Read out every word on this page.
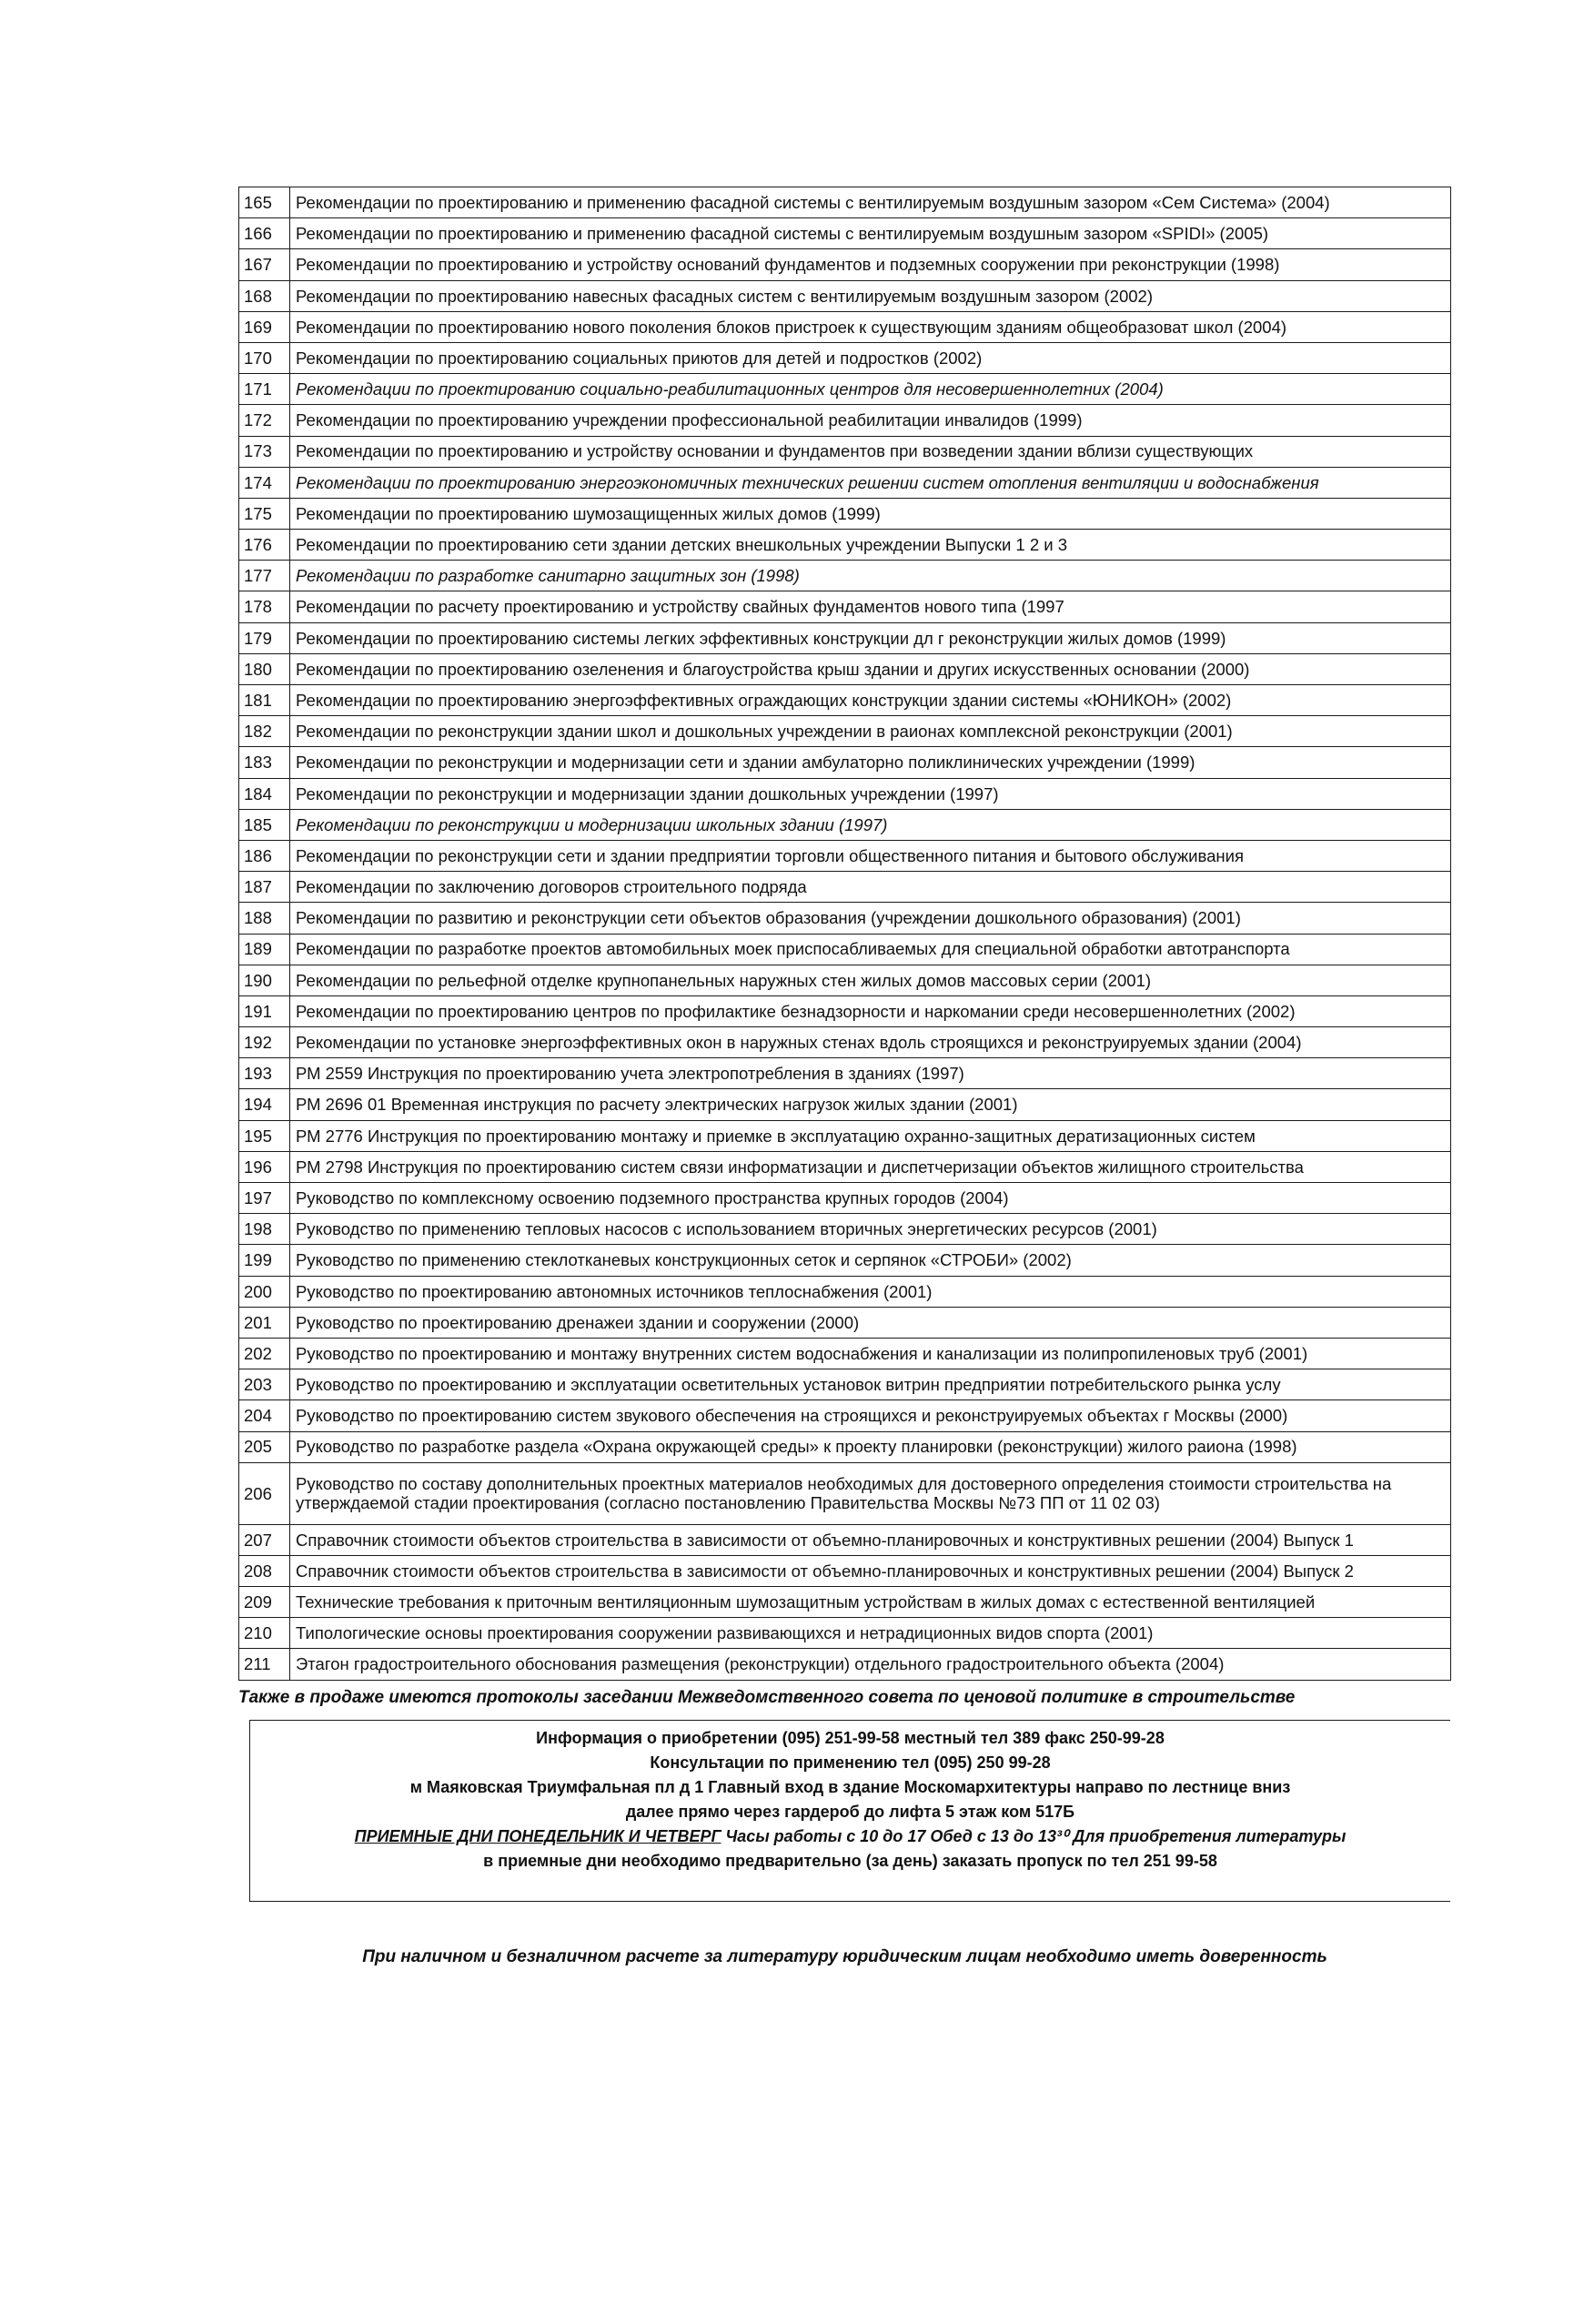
165	Рекомендации по проектированию и применению фасадной системы с вентилируемым воздушным зазором «Сем Система» (2004)
166	Рекомендации по проектированию и применению фасадной системы с вентилируемым воздушным зазором «SPIDI» (2005)
167	Рекомендации по проектированию и устройству оснований фундаментов и подземных сооружении при реконструкции (1998)
168	Рекомендации по проектированию навесных фасадных систем с вентилируемым воздушным зазором (2002)
169	Рекомендации по проектированию нового поколения блоков пристроек к существующим зданиям общеобразоват школ (2004)
170	Рекомендации по проектированию социальных приютов для детей и подростков (2002)
171	Рекомендации по проектированию социально-реабилитационных центров для несовершеннолетних (2004)
172	Рекомендации по проектированию учреждении профессиональной реабилитации инвалидов (1999)
173	Рекомендации по проектированию и устройству основании и фундаментов при возведении здании вблизи существующих
174	Рекомендации по проектированию энергоэкономичных технических решении систем отопления вентиляции и водоснабжения
175	Рекомендации по проектированию шумозащищенных жилых домов (1999)
176	Рекомендации по проектированию сети здании детских внешкольных учреждении Выпуски 1 2 и 3
177	Рекомендации по разработке санитарно защитных зон (1998)
178	Рекомендации по расчету проектированию и устройству свайных фундаментов нового типа (1997
179	Рекомендации по проектированию системы легких эффективных конструкции дл г реконструкции жилых домов (1999)
180	Рекомендации по проектированию озеленения и благоустройства крыш здании и других искусственных основании (2000)
181	Рекомендации по проектированию энергоэффективных ограждающих конструкции здании системы «ЮНИКОН» (2002)
182	Рекомендации по реконструкции здании школ и дошкольных учреждении в раионах комплексной реконструкции (2001)
183	Рекомендации по реконструкции и модернизации сети и здании амбулаторно поликлинических учреждении (1999)
184	Рекомендации по реконструкции и модернизации здании дошкольных учреждении (1997)
185	Рекомендации по реконструкции и модернизации школьных здании (1997)
186	Рекомендации по реконструкции сети и здании предприятии торговли общественного питания и бытового обслуживания
187	Рекомендации по заключению договоров строительного подряда
188	Рекомендации по развитию и реконструкции сети объектов образования (учреждении дошкольного образования) (2001)
189	Рекомендации по разработке проектов автомобильных моек приспосабливаемых для специальной обработки автотранспорта
190	Рекомендации по рельефной отделке крупнопанельных наружных стен жилых домов массовых серии (2001)
191	Рекомендации по проектированию центров по профилактике безнадзорности и наркомании среди несовершеннолетних (2002)
192	Рекомендации по установке энергоэффективных окон в наружных стенах вдоль строящихся и реконструируемых здании (2004)
193	РМ 2559 Инструкция по проектированию учета электропотребления в зданиях (1997)
194	РМ 2696 01 Временная инструкция по расчету электрических нагрузок жилых здании (2001)
195	РМ 2776 Инструкция по проектированию монтажу и приемке в эксплуатацию охранно-защитных дератизационных систем
196	РМ 2798 Инструкция по проектированию систем связи информатизации и диспетчеризации объектов жилищного строительства
197	Руководство по комплексному освоению подземного пространства крупных городов (2004)
198	Руководство по применению тепловых насосов с использованием вторичных энергетических ресурсов (2001)
199	Руководство по применению стеклотканевых конструкционных сеток и серпянок «СТРОБИ» (2002)
200	Руководство по проектированию автономных источников теплоснабжения (2001)
201	Руководство по проектированию дренажеи здании и сооружении (2000)
202	Руководство по проектированию и монтажу внутренних систем водоснабжения и канализации из полипропиленовых труб (2001)
203	Руководство по проектированию и эксплуатации осветительных установок витрин предприятии потребительского рынка услу
204	Руководство по проектированию систем звукового обеспечения на строящихся и реконструируемых объектах г Москвы (2000)
205	Руководство по разработке раздела «Охрана окружающей среды» к проекту планировки (реконструкции) жилого раиона (1998)
206	Руководство по составу дополнительных проектных материалов необходимых для достоверного определения стоимости строительства на утверждаемой стадии проектирования (согласно постановлению Правительства Москвы №73 ПП от 11 02 03)
207	Справочник стоимости объектов строительства в зависимости от объемно-планировочных и конструктивных решении (2004) Выпуск 1
208	Справочник стоимости объектов строительства в зависимости от объемно-планировочных и конструктивных решении (2004) Выпуск 2
209	Технические требования к приточным вентиляционным шумозащитным устройствам в жилых домах с естественной вентиляцией
210	Типологические основы проектирования сооружении развивающихся и нетрадиционных видов спорта (2001)
211	Этагон градостроительного обоснования размещения (реконструкции) отдельного градостроительного объекта (2004)
Также в продаже имеются протоколы заседании Межведомственного совета по ценовой политике в строительстве
Информация о приобретении (095) 251-99-58 местный тел 389 факс 250-99-28
Консультации по применению тел (095) 250 99-28
м Маяковская Триумфальная пл д 1 Главный вход в здание Москомархитектуры направо по лестнице вниз
далее прямо через гардероб до лифта 5 этаж ком 517Б
ПРИЕМНЫЕ ДНИ ПОНЕДЕЛЬНИК И ЧЕТВЕРГ Часы работы с 10 до 17 Обед с 13 до 13³⁰ Для приобретения литературы
в приемные дни необходимо предварительно (за день) заказать пропуск по тел 251 99-58
При наличном и безналичном расчете за литературу юридическим лицам необходимо иметь доверенность
